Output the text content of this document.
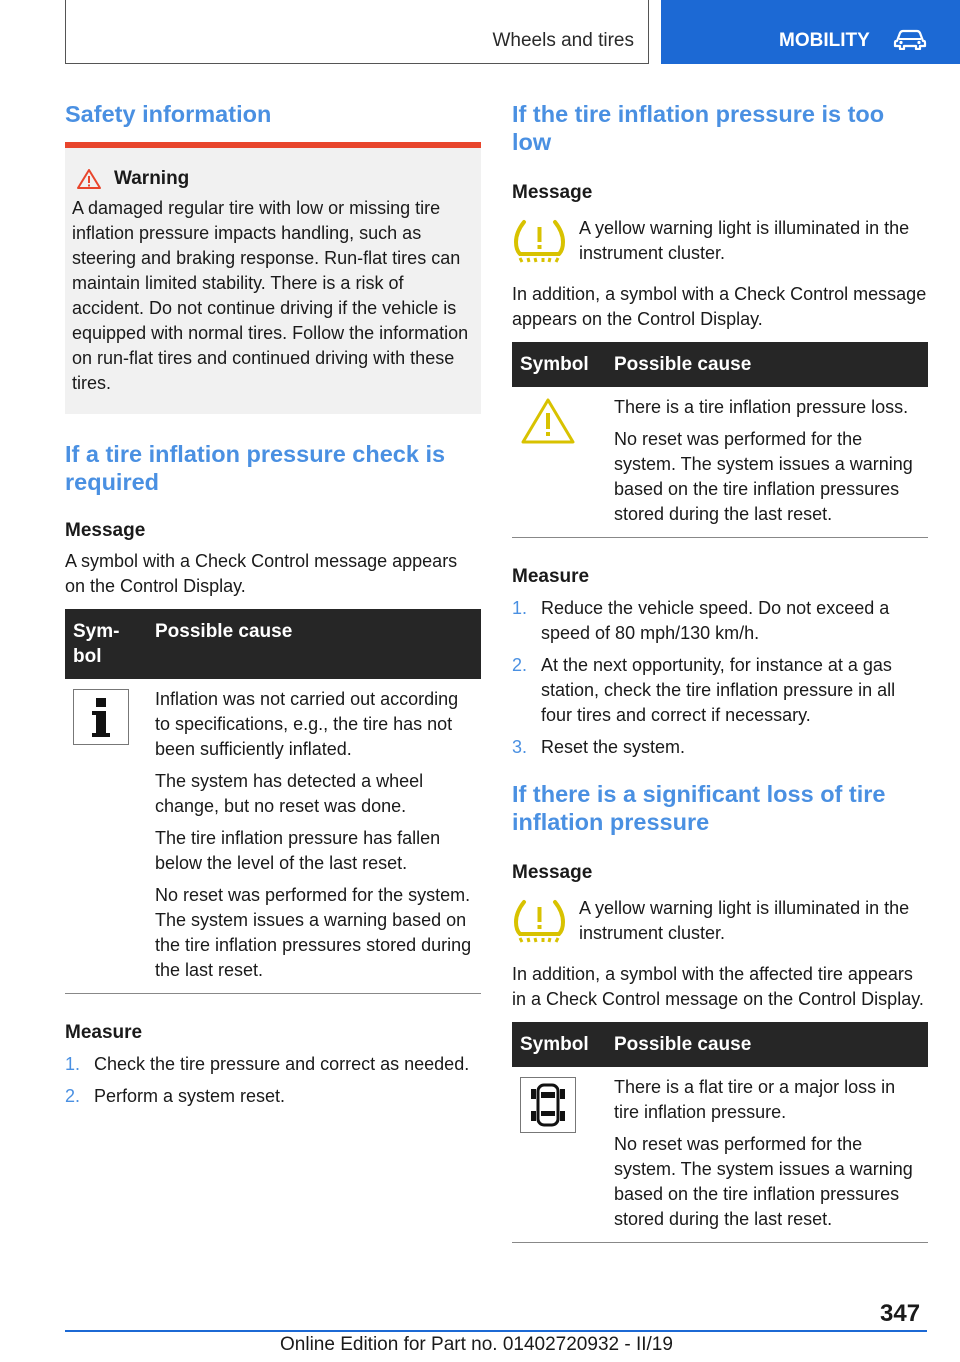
Wheels and tires	MOBILITY
Safety information
Warning

A damaged regular tire with low or missing tire inflation pressure impacts handling, such as steering and braking response. Run-flat tires can maintain limited stability. There is a risk of accident. Do not continue driving if the vehicle is equipped with normal tires. Follow the information on run-flat tires and continued driving with these tires.

If a tire inflation pressure check is required
Message

A symbol with a Check Control message appears on the Control Display.

Sym-
bol	Possible cause

Inflation was not carried out according to specifications, e.g., the tire has not been sufficiently inflated.

The system has detected a wheel change, but no reset was done.

The tire inflation pressure has fallen below the level of the last reset.

No reset was performed for the system. The system issues a warning based on the tire inflation pressures stored during the last reset.

Measure
1. Check the tire pressure and correct as needed.
2. Perform a system reset.
If the tire inflation pressure is too low
Message

A yellow warning light is illuminated in the instrument cluster.

In addition, a symbol with a Check Control message appears on the Control Display.

Symbol	Possible cause

There is a tire inflation pressure loss.

No reset was performed for the system. The system issues a warning based on the tire inflation pressures stored during the last reset.

Measure
1. Reduce the vehicle speed. Do not exceed a speed of 80 mph/130 km/h.
2. At the next opportunity, for instance at a gas station, check the tire inflation pressure in all four tires and correct if necessary.
3. Reset the system.
If there is a significant loss of tire inflation pressure
Message

A yellow warning light is illuminated in the instrument cluster.

In addition, a symbol with the affected tire appears in a Check Control message on the Control Display.

Symbol	Possible cause

There is a flat tire or a major loss in tire inflation pressure.

No reset was performed for the system. The system issues a warning based on the tire inflation pressures stored during the last reset.

347
Online Edition for Part no. 01402720932 - II/19
